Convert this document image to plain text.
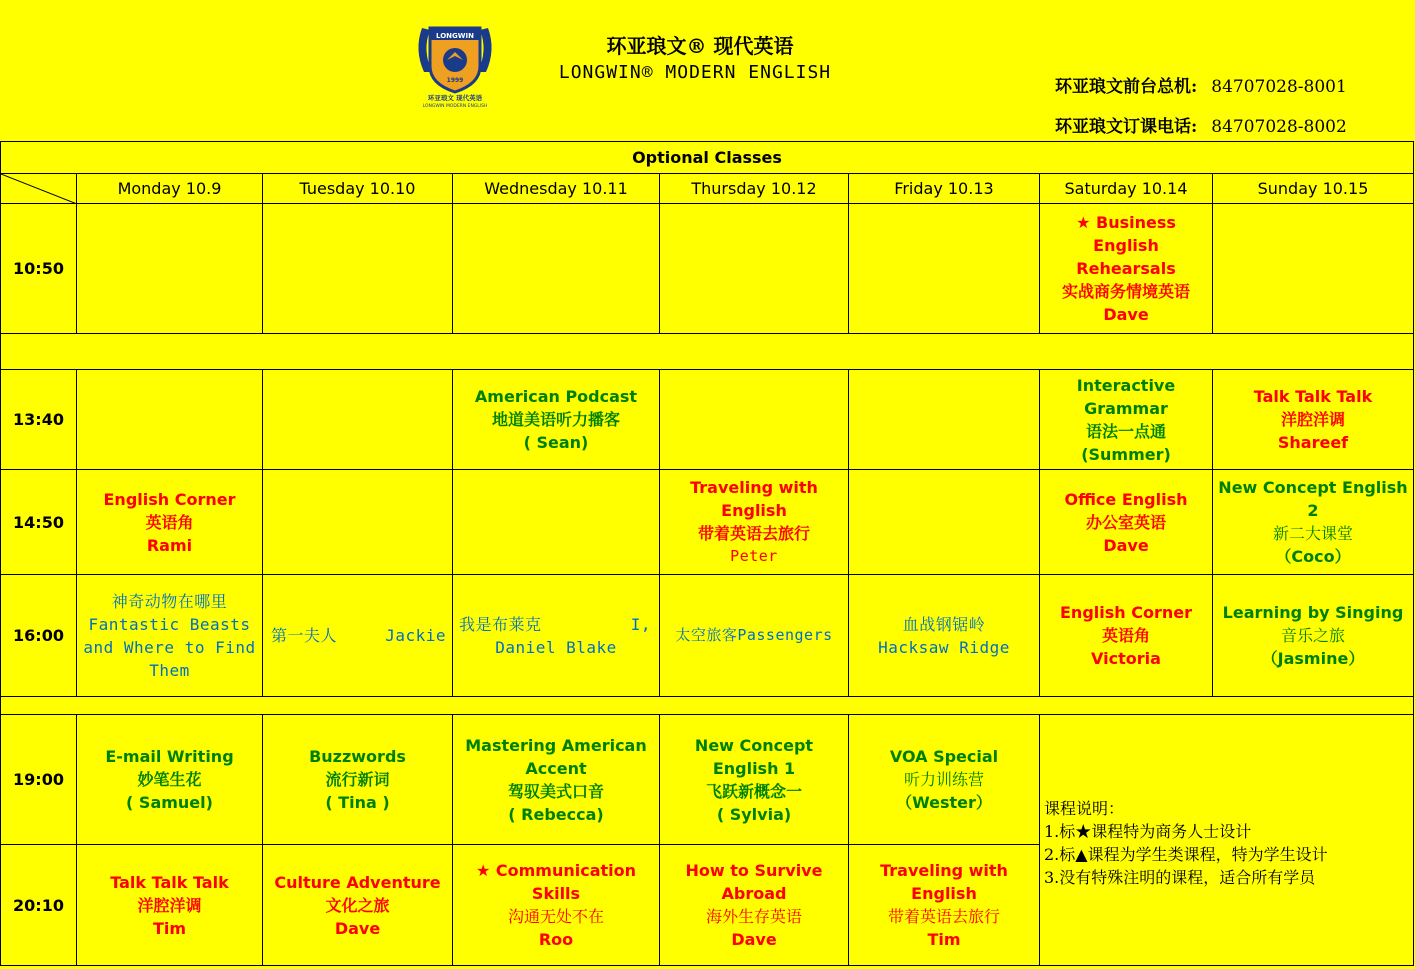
LONGWIN
1999
环亚琅文 现代英语
LONGWIN MODERN ENGLISH
环亚琅文® 现代英语
LONGWIN® MODERN ENGLISH
环亚琅文前台总机: 84707028-8001
环亚琅文订课电话: 84707028-8002
Optional Classes							

	Monday 10.9	Tuesday 10.10	Wednesday 10.11	Thursday 10.12	Friday 10.13	Saturday 10.14	Sunday 10.15
10:50						★ Business
English
Rehearsals
实战商务情境英语
Dave	

13:40			American Podcast
地道美语听力播客
( Sean)			Interactive
Grammar
语法一点通
(Summer)	Talk Talk Talk
洋腔洋调
Shareef

14:50	English Corner
英语角
Rami			Traveling with
English
带着英语去旅行
Peter		Office English
办公室英语
Dave	New Concept English
2
新二大课堂
（Coco）

16:00	神奇动物在哪里
Fantastic Beasts
and Where to Find
Them	第一夫人 Jackie	我是布莱克 I,
Daniel Blake	太空旅客Passengers	血战钢锯岭
Hacksaw Ridge	English Corner
英语角
Victoria	Learning by Singing
音乐之旅
（Jasmine）

19:00	E-mail Writing
妙笔生花
( Samuel)	Buzzwords
流行新词
( Tina )	Mastering American
Accent
驾驭美式口音
( Rebecca)	New Concept
English 1
飞跃新概念一
( Sylvia)	VOA Special
听力训练营
（Wester）	课程说明：
1.标★课程特为商务人士设计
2.标▲课程为学生类课程，特为学生设计
3.没有特殊注明的课程，适合所有学员	

20:10	Talk Talk Talk
洋腔洋调
Tim	Culture Adventure
文化之旅
Dave	★ Communication
Skills
沟通无处不在
Roo	How to Survive
Abroad
海外生存英语
Dave	Traveling with
English
带着英语去旅行
Tim		
